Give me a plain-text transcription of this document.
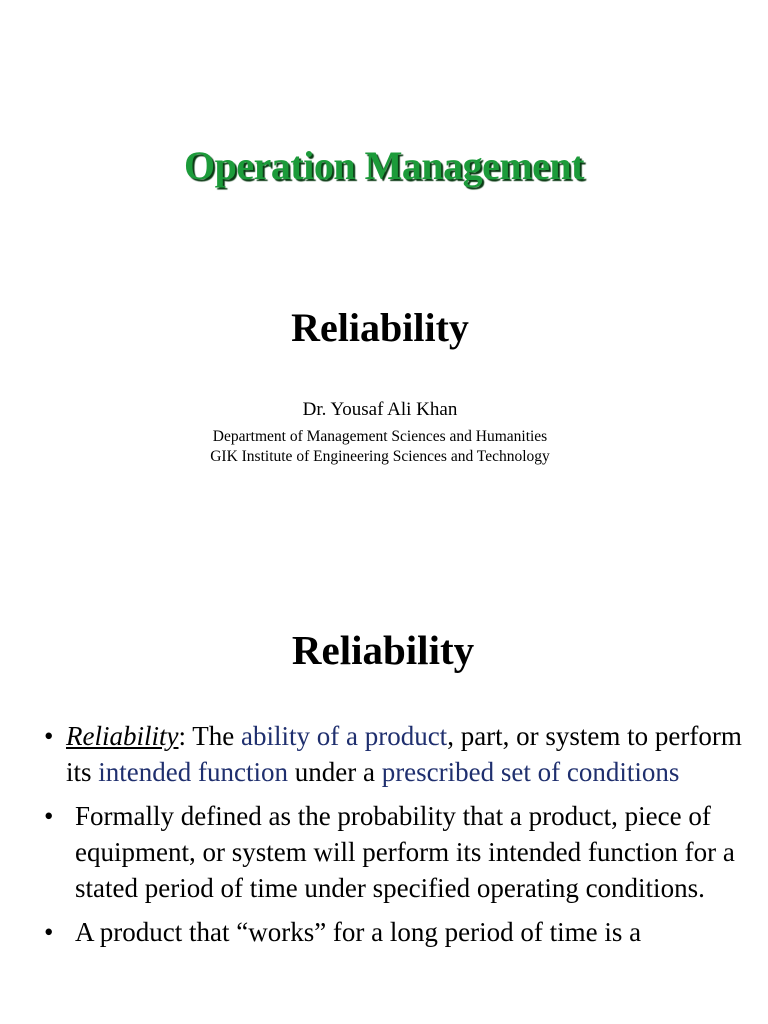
Operation Management
Reliability
Dr. Yousaf Ali Khan
Department of Management Sciences and Humanities
GIK Institute of Engineering Sciences and Technology
Reliability
• Reliability: The ability of a product, part, or system to perform its intended function under a prescribed set of conditions
• Formally defined as the probability that a product, piece of equipment, or system will perform its intended function for a stated period of time under specified operating conditions.
• A product that “works” for a long period of time is a
